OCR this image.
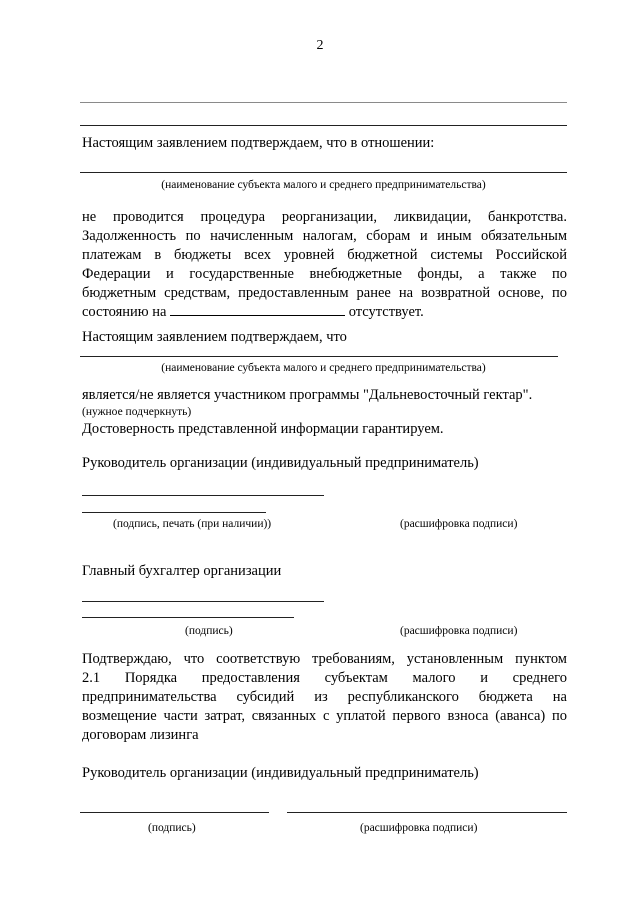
2
Настоящим заявлением подтверждаем, что в отношении:
(наименование субъекта малого и среднего предпринимательства)
не проводится процедура реорганизации, ликвидации, банкротства.
Задолженность по начисленным налогам, сборам и иным обязательным
платежам в бюджеты всех уровней бюджетной системы Российской
Федерации и государственные внебюджетные фонды, а также по
бюджетным средствам, предоставленным ранее на возвратной основе, по
состоянию на	отсутствует.
Настоящим заявлением подтверждаем, что
(наименование субъекта малого и среднего предпринимательства)
является/не является участником программы "Дальневосточный гектар".
(нужное подчеркнуть)
Достоверность представленной информации гарантируем.
Руководитель организации (индивидуальный предприниматель)
(подпись, печать (при наличии))	(расшифровка подписи)
Главный бухгалтер организации
(подпись)	(расшифровка подписи)
Подтверждаю, что соответствую требованиям, установленным пунктом
2.1 Порядка предоставления субъектам малого и среднего
предпринимательства субсидий из республиканского бюджета на
возмещение части затрат, связанных с уплатой первого взноса (аванса) по
договорам лизинга
Руководитель организации (индивидуальный предприниматель)
(подпись)	(расшифровка подписи)
